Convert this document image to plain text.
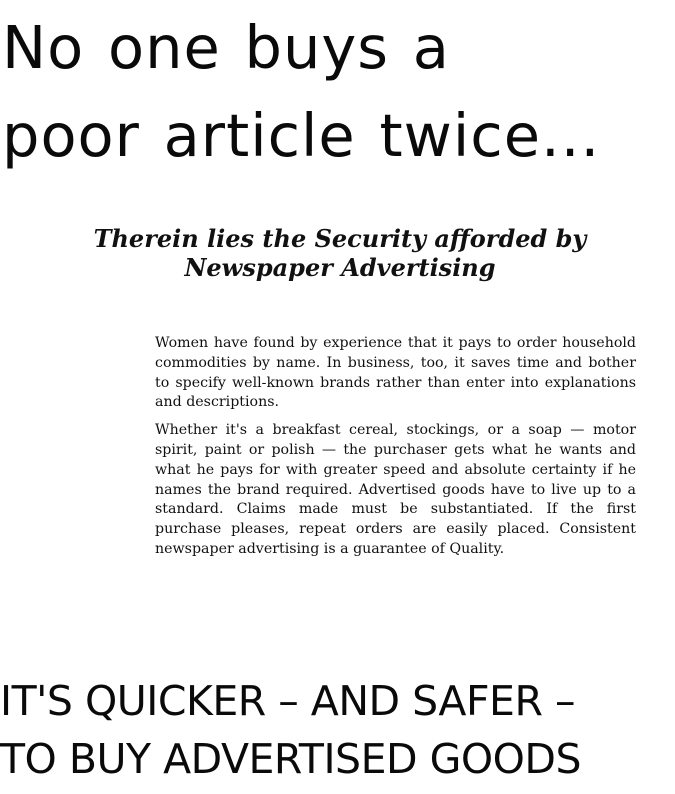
No one buys a
poor article twice...
Therein lies the Security afforded by
Newspaper Advertising

Women have found by experience that it pays to order household commodities by name. In business, too, it saves time and bother to specify well-known brands rather than enter into explanations and descriptions.

Whether it's a breakfast cereal, stockings, or a soap — motor spirit, paint or polish — the purchaser gets what he wants and what he pays for with greater speed and absolute certainty if he names the brand required. Advertised goods have to live up to a standard. Claims made must be substantiated. If the first purchase pleases, repeat orders are easily placed. Consistent newspaper advertising is a guarantee of Quality.

IT'S QUICKER – AND SAFER –
TO BUY ADVERTISED GOODS
